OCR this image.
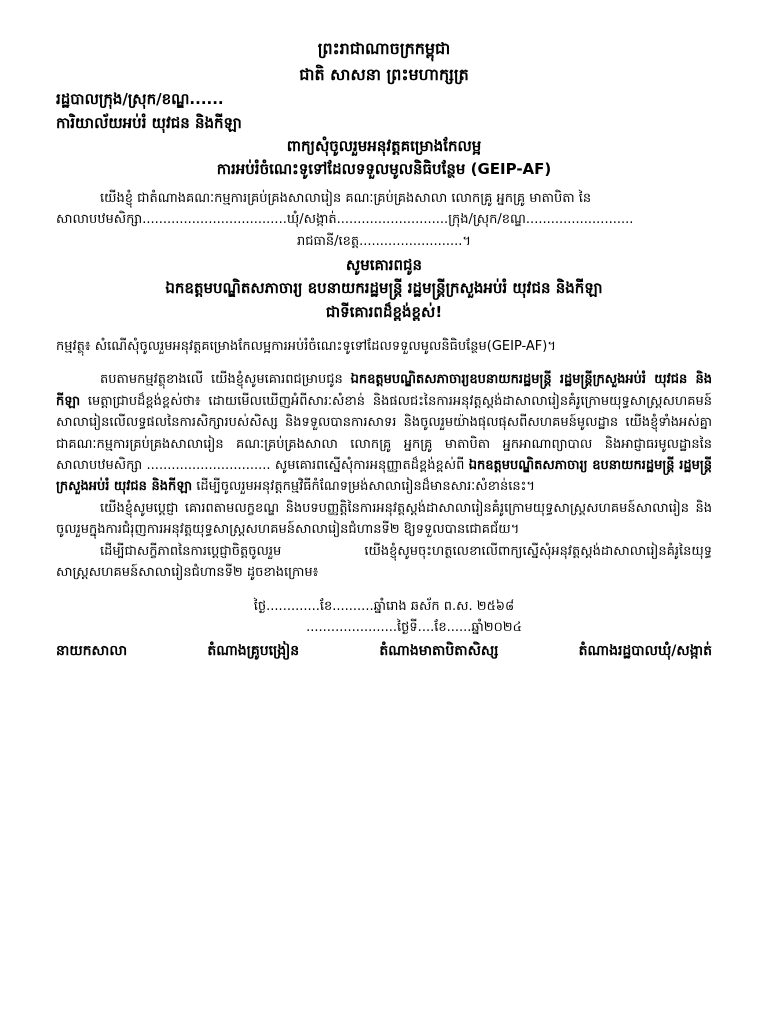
ព្រះរាជាណាចក្រកម្ពុជា

ជាតិ សាសនា ព្រះមហាក្សត្រ

រដ្ឋបាលក្រុង/ស្រុក/ខណ្ឌ......

ការិយាល័យអប់រំ យុវជន និងកីឡា

ពាក្យសុំចូលរួមអនុវត្តគម្រោងកែលម្អ

ការអប់រំចំណេះទូទៅដែលទទួលមូលនិធិបន្ថែម (GEIP-AF)

យើងខ្ញុំ ជាតំណាងគណៈកម្មការគ្រប់គ្រងសាលារៀន គណៈគ្រប់គ្រងសាលា លោកគ្រូ អ្នកគ្រូ មាតាបិតា នៃ

សាលាបឋមសិក្សា...................................ឃុំ/សង្កាត់...........................ក្រុង/ស្រុក/ខណ្ឌ..........................

រាជធានី/ខេត្ត.........................។

សូមគោរពជូន

ឯកឧត្តមបណ្ឌិតសភាចារ្យ ឧបនាយករដ្ឋមន្ត្រី រដ្ឋមន្ត្រីក្រសួងអប់រំ យុវជន និងកីឡា

ជាទីគោរពដ៏ខ្ពង់ខ្ពស់!

កម្មវត្ថុ៖ សំណើសុំចូលរួមអនុវត្តគម្រោងកែលម្អការអប់រំចំណេះទូទៅដែលទទួលមូលនិធិបន្ថែម(GEIP-AF)។

តបតាមកម្មវត្ថុខាងលើ យើងខ្ញុំសូមគោរពជម្រាបជូន ឯកឧត្តមបណ្ឌិតសភាចារ្យឧបនាយករដ្ឋមន្ត្រី រដ្ឋមន្ត្រីក្រសួងអប់រំ យុវជន និងកីឡា មេត្តាជ្រាបដ៏ខ្ពង់ខ្ពស់ថា៖ ដោយមើលឃើញអំពីសារៈសំខាន់ និងផលជះនៃការអនុវត្តស្តង់ដាសាលារៀនគំរូក្រោមយុទ្ធសាស្ត្រសហគមន៍សាលារៀនលើលទ្ធផលនៃការសិក្សារបស់សិស្ស និងទទួលបានការសាទរ និងចូលរួមយ៉ាងផុលផុសពីសហគមន៍មូលដ្ឋាន យើងខ្ញុំទាំងអស់គ្នាជាគណៈកម្មការគ្រប់គ្រងសាលារៀន គណៈគ្រប់គ្រងសាលា លោកគ្រូ អ្នកគ្រូ មាតាបិតា អ្នកអាណាព្យាបាល និងអាជ្ញាធរមូលដ្ឋាននៃសាលាបឋមសិក្សា .............................. សូមគោរពស្នើសុំការអនុញ្ញាតដ៏ខ្ពង់ខ្ពស់ពី ឯកឧត្តមបណ្ឌិតសភាចារ្យ ឧបនាយករដ្ឋមន្ត្រី រដ្ឋមន្ត្រីក្រសួងអប់រំ យុវជន និងកីឡា ដើម្បីចូលរួមអនុវត្តកម្មវិធីកំណែទម្រង់សាលារៀនដ៏មានសារៈសំខាន់នេះ។

យើងខ្ញុំសូមប្តេជ្ញា គោរពតាមលក្ខខណ្ឌ និងបទបញ្ញត្តិនៃការអនុវត្តស្តង់ដាសាលារៀនគំរូក្រោមយុទ្ធសាស្ត្រសហគមន៍សាលារៀន និងចូលរួមក្នុងការជំរុញការអនុវត្តយុទ្ធសាស្ត្រសហគមន៍សាលារៀនជំហានទី២ ឱ្យទទួលបានជោគជ័យ។

ដើម្បីជាសក្ខីភាពនៃការប្តេជ្ញាចិត្តចូលរួម យើងខ្ញុំសូមចុះហត្ថលេខាលើពាក្យស្នើសុំអនុវត្តស្តង់ដាសាលារៀនគំរូនៃយុទ្ធសាស្ត្រសហគមន៍សាលារៀនជំហានទី២ ដូចខាងក្រោម៖

ថ្ងៃ.............ខែ..........ឆ្នាំរោង ឆស័ក ព.ស. ២៥៦៨

......................ថ្ងៃទី....ខែ......ឆ្នាំ២០២៤

នាយកសាលា	តំណាងគ្រូបង្រៀន	តំណាងមាតាបិតាសិស្ស	តំណាងរដ្ឋបាលឃុំ/សង្កាត់
